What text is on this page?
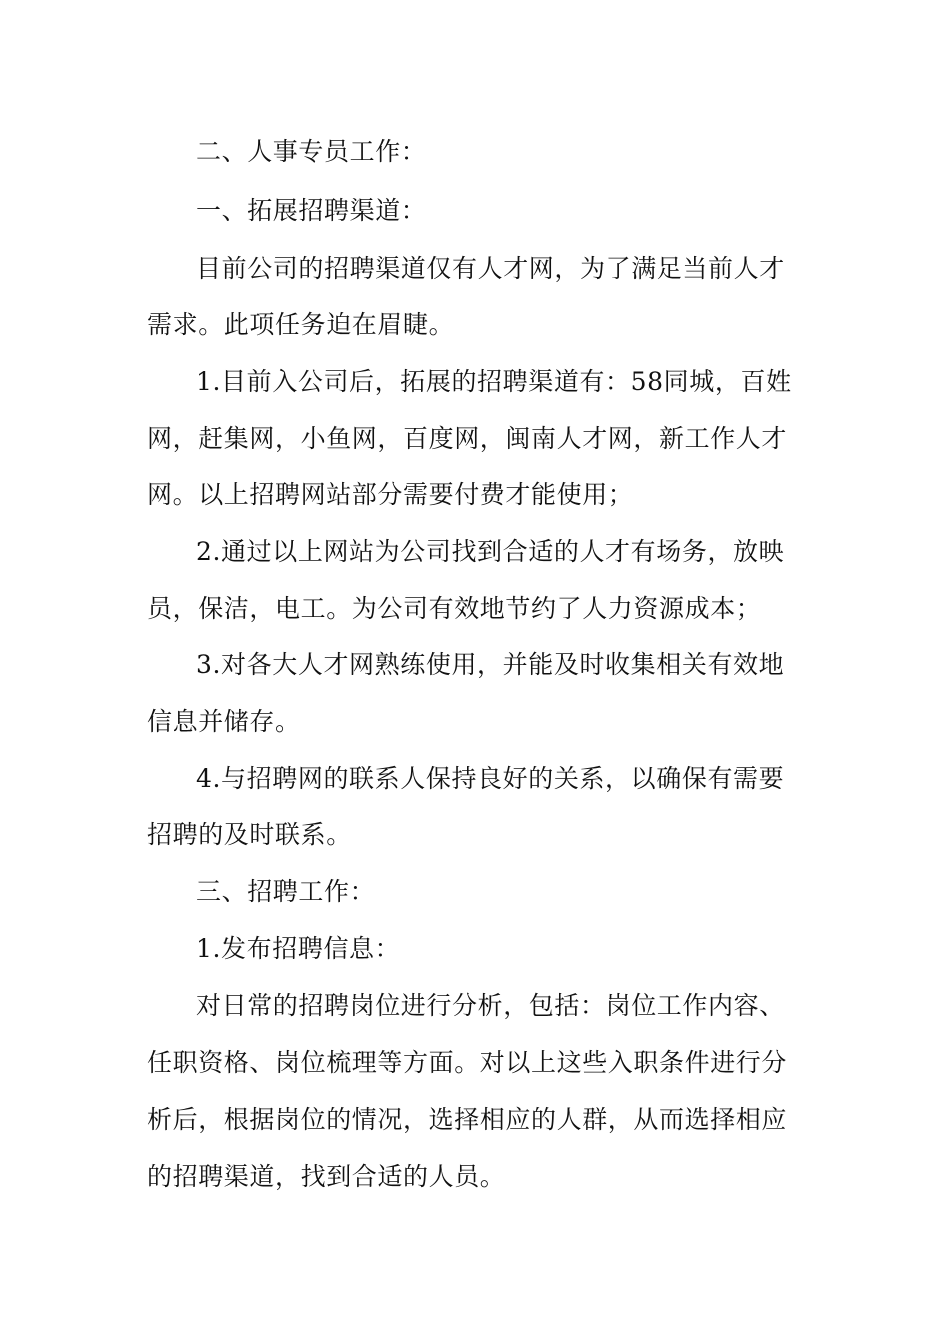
二、人事专员工作：
一、拓展招聘渠道：
目前公司的招聘渠道仅有人才网，为了满足当前人才
需求。此项任务迫在眉睫。
1.目前入公司后，拓展的招聘渠道有：58同城，百姓
网，赶集网，小鱼网，百度网，闽南人才网，新工作人才
网。以上招聘网站部分需要付费才能使用；
2.通过以上网站为公司找到合适的人才有场务，放映
员，保洁，电工。为公司有效地节约了人力资源成本；
3.对各大人才网熟练使用，并能及时收集相关有效地
信息并储存。
4.与招聘网的联系人保持良好的关系，以确保有需要
招聘的及时联系。
三、招聘工作：
1.发布招聘信息：
对日常的招聘岗位进行分析，包括：岗位工作内容、
任职资格、岗位梳理等方面。对以上这些入职条件进行分
析后，根据岗位的情况，选择相应的人群，从而选择相应
的招聘渠道，找到合适的人员。
